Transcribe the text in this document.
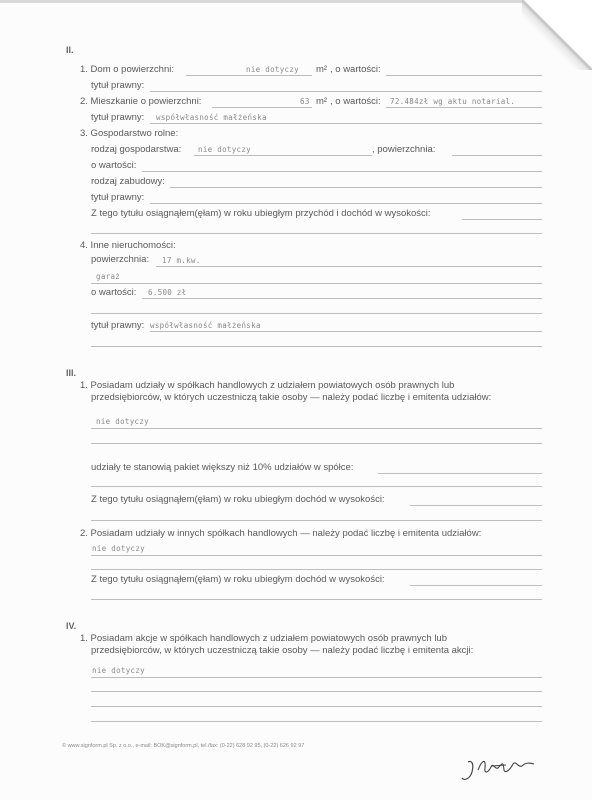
II.
1. Dom o powierzchni:	nie dotyczy m² , o wartości:
tytuł prawny:
2. Mieszkanie o powierzchni:	63 m² , o wartości: 72.484zł wg aktu notarial.
tytuł prawny: współwłasność małżeńska
3. Gospodarstwo rolne:
rodzaj gospodarstwa: nie dotyczy	, powierzchnia:
o wartości:
rodzaj zabudowy:
tytuł prawny:
Z tego tytułu osiągnąłem(ęłam) w roku ubiegłym przychód i dochód w wysokości:
4. Inne nieruchomości:
powierzchnia: 17 m.kw.
garaż
o wartości: 6.500 zł
tytuł prawny: współwłasność małżeńska
III.
1. Posiadam udziały w spółkach handlowych z udziałem powiatowych osób prawnych lub
przedsiębiorców, w których uczestniczą takie osoby — należy podać liczbę i emitenta udziałów:
nie dotyczy
udziały te stanowią pakiet większy niż 10% udziałów w spółce:
Z tego tytułu osiągnąłem(ęłam) w roku ubiegłym dochód w wysokości:
2. Posiadam udziały w innych spółkach handlowych — należy podać liczbę i emitenta udziałów:
nie dotyczy
Z tego tytułu osiągnąłem(ęłam) w roku ubiegłym dochód w wysokości:
IV.
1. Posiadam akcje w spółkach handlowych z udziałem powiatowych osób prawnych lub
przedsiębiorców, w których uczestniczą takie osoby — należy podać liczbę i emitenta akcji:
nie dotyczy
© www.signform.pl Sp. z o.o., e-mail: BOK@signform.pl, tel./fax: (0-22) 628 92 95, (0-22) 626 92 97
